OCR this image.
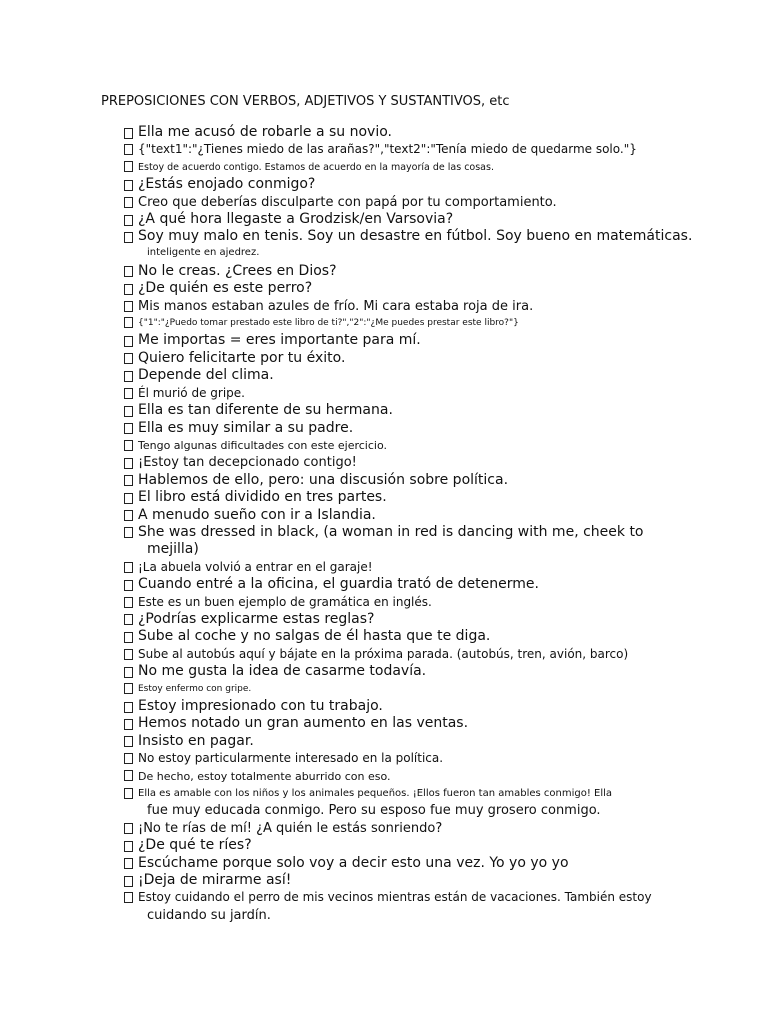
PREPOSICIONES CON VERBOS, ADJETIVOS Y SUSTANTIVOS, etc
Ella me acusó de robarle a su novio.
{"text1":"¿Tienes miedo de las arañas?","text2":"Tenía miedo de quedarme solo."}
Estoy de acuerdo contigo. Estamos de acuerdo en la mayoría de las cosas.
¿Estás enojado conmigo?
Creo que deberías disculparte con papá por tu comportamiento.
¿A qué hora llegaste a Grodzisk/en Varsovia?
Soy muy malo en tenis. Soy un desastre en fútbol. Soy bueno en matemáticas.
inteligente en ajedrez.
No le creas. ¿Crees en Dios?
¿De quién es este perro?
Mis manos estaban azules de frío. Mi cara estaba roja de ira.
{"1":"¿Puedo tomar prestado este libro de ti?","2":"¿Me puedes prestar este libro?"}
Me importas = eres importante para mí.
Quiero felicitarte por tu éxito.
Depende del clima.
Él murió de gripe.
Ella es tan diferente de su hermana.
Ella es muy similar a su padre.
Tengo algunas dificultades con este ejercicio.
¡Estoy tan decepcionado contigo!
Hablemos de ello, pero: una discusión sobre política.
El libro está dividido en tres partes.
A menudo sueño con ir a Islandia.
She was dressed in black, (a woman in red is dancing with me, cheek to
mejilla)
¡La abuela volvió a entrar en el garaje!
Cuando entré a la oficina, el guardia trató de detenerme.
Este es un buen ejemplo de gramática en inglés.
¿Podrías explicarme estas reglas?
Sube al coche y no salgas de él hasta que te diga.
Sube al autobús aquí y bájate en la próxima parada. (autobús, tren, avión, barco)
No me gusta la idea de casarme todavía.
Estoy enfermo con gripe.
Estoy impresionado con tu trabajo.
Hemos notado un gran aumento en las ventas.
Insisto en pagar.
No estoy particularmente interesado en la política.
De hecho, estoy totalmente aburrido con eso.
Ella es amable con los niños y los animales pequeños. ¡Ellos fueron tan amables conmigo! Ella
fue muy educada conmigo. Pero su esposo fue muy grosero conmigo.
¡No te rías de mí! ¿A quién le estás sonriendo?
¿De qué te ríes?
Escúchame porque solo voy a decir esto una vez. Yo yo yo yo
¡Deja de mirarme así!
Estoy cuidando el perro de mis vecinos mientras están de vacaciones. También estoy
cuidando su jardín.
